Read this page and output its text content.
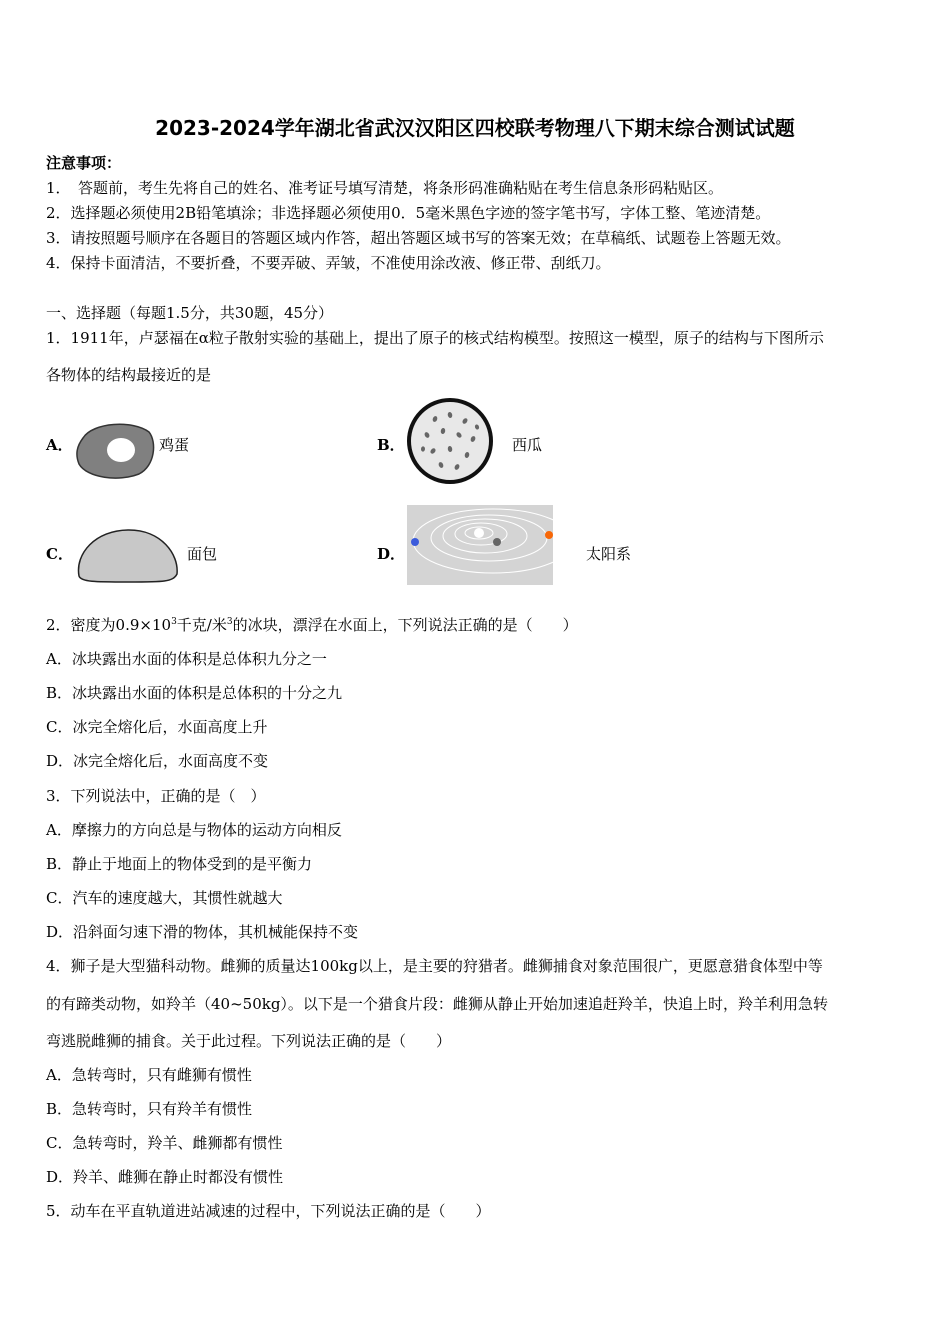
2023-2024学年湖北省武汉汉阳区四校联考物理八下期末综合测试试题
注意事项：
1．　答题前，考生先将自己的姓名、准考证号填写清楚，将条形码准确粘贴在考生信息条形码粘贴区。
2．选择题必须使用2B铅笔填涂；非选择题必须使用0．5毫米黑色字迹的签字笔书写，字体工整、笔迹清楚。
3．请按照题号顺序在各题目的答题区域内作答，超出答题区域书写的答案无效；在草稿纸、试题卷上答题无效。
4．保持卡面清洁，不要折叠，不要弄破、弄皱，不准使用涂改液、修正带、刮纸刀。
一、选择题（每题1.5分，共30题，45分）
1．1911年，卢瑟福在α粒子散射实验的基础上，提出了原子的核式结构模型。按照这一模型，原子的结构与下图所示
各物体的结构最接近的是
A．	鸡蛋	B．	西瓜
C．	面包	D．	太阳系
2．密度为$0.9\times 10^3$千克/米$^3$的冰块，漂浮在水面上，下列说法正确的是（　　）
A．冰块露出水面的体积是总体积九分之一
B．冰块露出水面的体积是总体积的十分之九
C．冰完全熔化后，水面高度上升
D．冰完全熔化后，水面高度不变
3．下列说法中，正确的是（　）
A．摩擦力的方向总是与物体的运动方向相反
B．静止于地面上的物体受到的是平衡力
C．汽车的速度越大，其惯性就越大
D．沿斜面匀速下滑的物体，其机械能保持不变
4．狮子是大型猫科动物。雌狮的质量达100kg以上，是主要的狩猎者。雌狮捕食对象范围很广，更愿意猎食体型中等
的有蹄类动物，如羚羊（40~50kg）。以下是一个猎食片段：雌狮从静止开始加速追赶羚羊，快追上时，羚羊利用急转
弯逃脱雌狮的捕食。关于此过程。下列说法正确的是（　　）
A．急转弯时，只有雌狮有惯性
B．急转弯时，只有羚羊有惯性
C．急转弯时，羚羊、雌狮都有惯性
D．羚羊、雌狮在静止时都没有惯性
5．动车在平直轨道进站减速的过程中，下列说法正确的是（　　）
